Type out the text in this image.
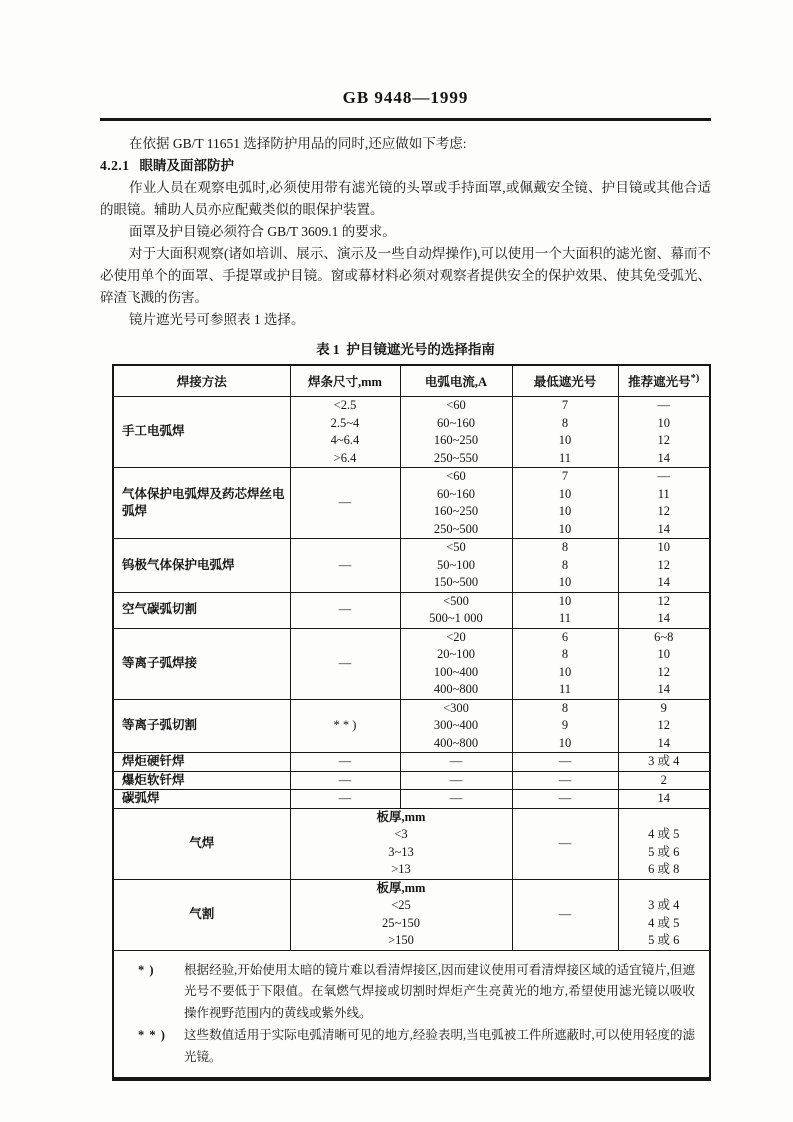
GB 9448—1999

在依据 GB/T 11651 选择防护用品的同时,还应做如下考虑:

4.2.1 眼睛及面部防护

作业人员在观察电弧时,必须使用带有滤光镜的头罩或手持面罩,或佩戴安全镜、护目镜或其他合适的眼镜。辅助人员亦应配戴类似的眼保护装置。

面罩及护目镜必须符合 GB/T 3609.1 的要求。

对于大面积观察(诸如培训、展示、演示及一些自动焊操作),可以使用一个大面积的滤光窗、幕而不必使用单个的面罩、手提罩或护目镜。窗或幕材料必须对观察者提供安全的保护效果、使其免受弧光、碎渣飞溅的伤害。

镜片遮光号可参照表 1 选择。

表 1  护目镜遮光号的选择指南
焊接方法	焊条尺寸,mm	电弧电流,A	最低遮光号	推荐遮光号*)
手工电弧焊	<2.5	<60	7	—
	2.5~4	60~160	8	10
	4~6.4	160~250	10	12
	>6.4	250~550	11	14
气体保护电弧焊及药芯焊丝电弧焊	—	<60	7	—
		60~160	10	11
		160~250	10	12
		250~500	10	14
钨极气体保护电弧焊	—	<50	8	10
		50~100	8	12
		150~500	10	14
空气碳弧切割	—	<500	10	12
		500~1 000	11	14
等离子弧焊接	—	<20	6	6~8
		20~100	8	10
		100~400	10	12
		400~800	11	14
等离子弧切割	* * )	<300	8	9
		300~400	9	12
		400~800	10	14
焊炬硬钎焊	—	—	—	3 或 4
爆炬软钎焊	—	—	—	2
碳弧焊	—	—	—	14
气焊	板厚,mm		—	
	<3			4 或 5
	3~13			5 或 6
	>13			6 或 8
气割	板厚,mm		—	
	<25			3 或 4
	25~150			4 或 5
	>150			5 或 6

* ) 根据经验,开始使用太暗的镜片难以看清焊接区,因而建议使用可看清焊接区域的适宜镜片,但遮光号不要低于下限值。在氧燃气焊接或切割时焊炬产生亮黄光的地方,希望使用滤光镜以吸收操作视野范围内的黄线或紫外线。
* * ) 这些数值适用于实际电弧清晰可见的地方,经验表明,当电弧被工件所遮蔽时,可以使用轻度的滤光镜。				
